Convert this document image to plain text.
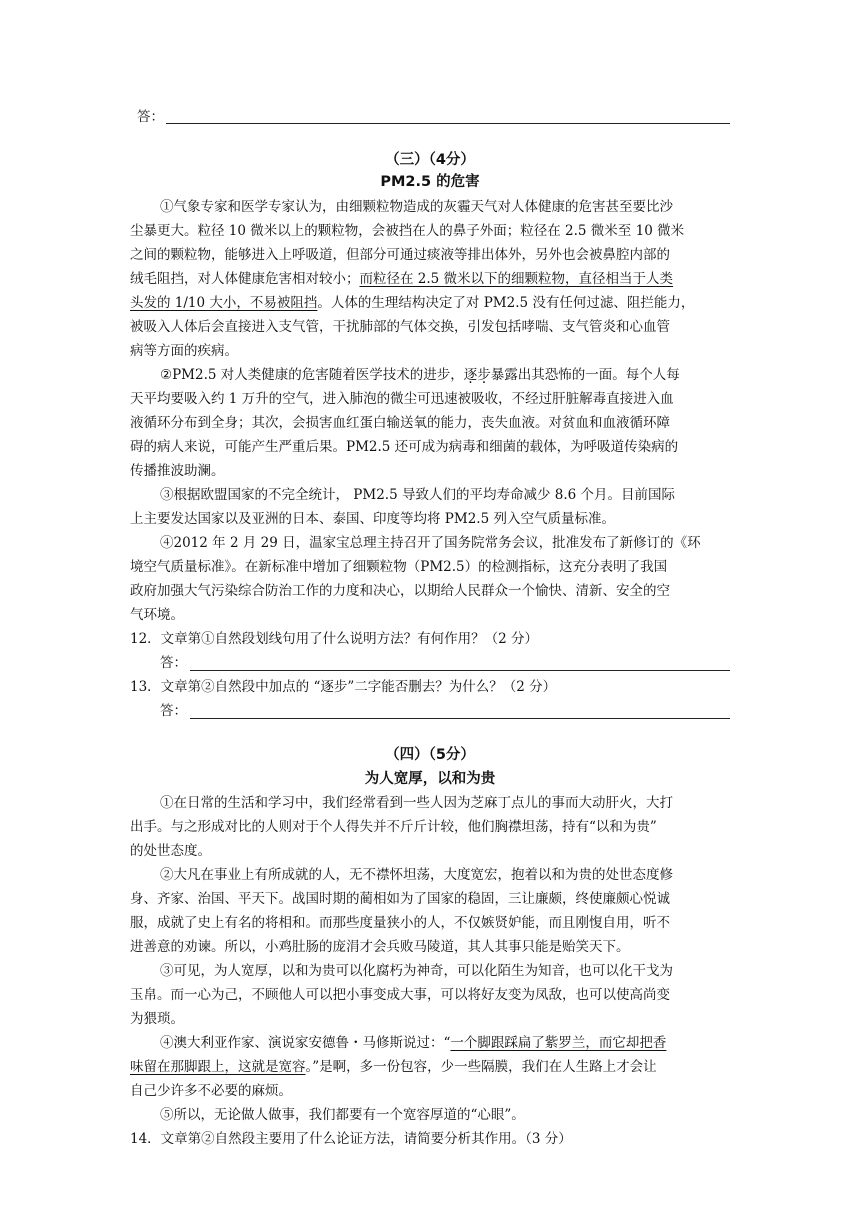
答：
（三）（4分）
PM2.5 的危害
①气象专家和医学专家认为，由细颗粒物造成的灰霾天气对人体健康的危害甚至要比沙
尘暴更大。粒径 10 微米以上的颗粒物，会被挡在人的鼻子外面；粒径在 2.5 微米至 10 微米
之间的颗粒物，能够进入上呼吸道，但部分可通过痰液等排出体外，另外也会被鼻腔内部的
绒毛阻挡，对人体健康危害相对较小；而粒径在 2.5 微米以下的细颗粒物，直径相当于人类
头发的 1/10 大小，不易被阻挡。人体的生理结构决定了对 PM2.5 没有任何过滤、阻拦能力，
被吸入人体后会直接进入支气管，干扰肺部的气体交换，引发包括哮喘、支气管炎和心血管
病等方面的疾病。
②PM2.5 对人类健康的危害随着医学技术的进步，逐步暴露出其恐怖的一面。每个人每
天平均要吸入约 1 万升的空气，进入肺泡的微尘可迅速被吸收，不经过肝脏解毒直接进入血
液循环分布到全身；其次，会损害血红蛋白输送氧的能力，丧失血液。对贫血和血液循环障
碍的病人来说，可能产生严重后果。PM2.5 还可成为病毒和细菌的载体，为呼吸道传染病的
传播推波助澜。
③根据欧盟国家的不完全统计， PM2.5 导致人们的平均寿命减少 8.6 个月。目前国际
上主要发达国家以及亚洲的日本、泰国、印度等均将 PM2.5 列入空气质量标准。
④2012 年 2 月 29 日，温家宝总理主持召开了国务院常务会议，批准发布了新修订的《环
境空气质量标准》。在新标准中增加了细颗粒物（PM2.5）的检测指标，这充分表明了我国
政府加强大气污染综合防治工作的力度和决心，以期给人民群众一个愉快、清新、安全的空
气环境。
12．文章第①自然段划线句用了什么说明方法？有何作用？（2 分）
答：
13．文章第②自然段中加点的 “逐步”二字能否删去？为什么？（2 分）
答：
（四）（5分）
为人宽厚，以和为贵
①在日常的生活和学习中，我们经常看到一些人因为芝麻丁点儿的事而大动肝火，大打
出手。与之形成对比的人则对于个人得失并不斤斤计较，他们胸襟坦荡，持有“以和为贵”
的处世态度。
②大凡在事业上有所成就的人，无不襟怀坦荡，大度宽宏，抱着以和为贵的处世态度修
身、齐家、治国、平天下。战国时期的蔺相如为了国家的稳固，三让廉颇，终使廉颇心悦诚
服，成就了史上有名的将相和。而那些度量狭小的人，不仅嫉贤妒能，而且刚愎自用，听不
进善意的劝谏。所以，小鸡肚肠的庞涓才会兵败马陵道，其人其事只能是贻笑天下。
③可见，为人宽厚，以和为贵可以化腐朽为神奇，可以化陌生为知音，也可以化干戈为
玉帛。而一心为己，不顾他人可以把小事变成大事，可以将好友变为凤敌，也可以使高尚变
为猥琐。
④澳大利亚作家、演说家安德鲁・马修斯说过：“一个脚跟踩扁了紫罗兰，而它却把香
味留在那脚跟上，这就是宽容。”是啊，多一份包容，少一些隔膜，我们在人生路上才会让
自己少许多不必要的麻烦。
⑤所以，无论做人做事，我们都要有一个宽容厚道的“心眼”。
14．文章第②自然段主要用了什么论证方法，请简要分析其作用。（3 分）
